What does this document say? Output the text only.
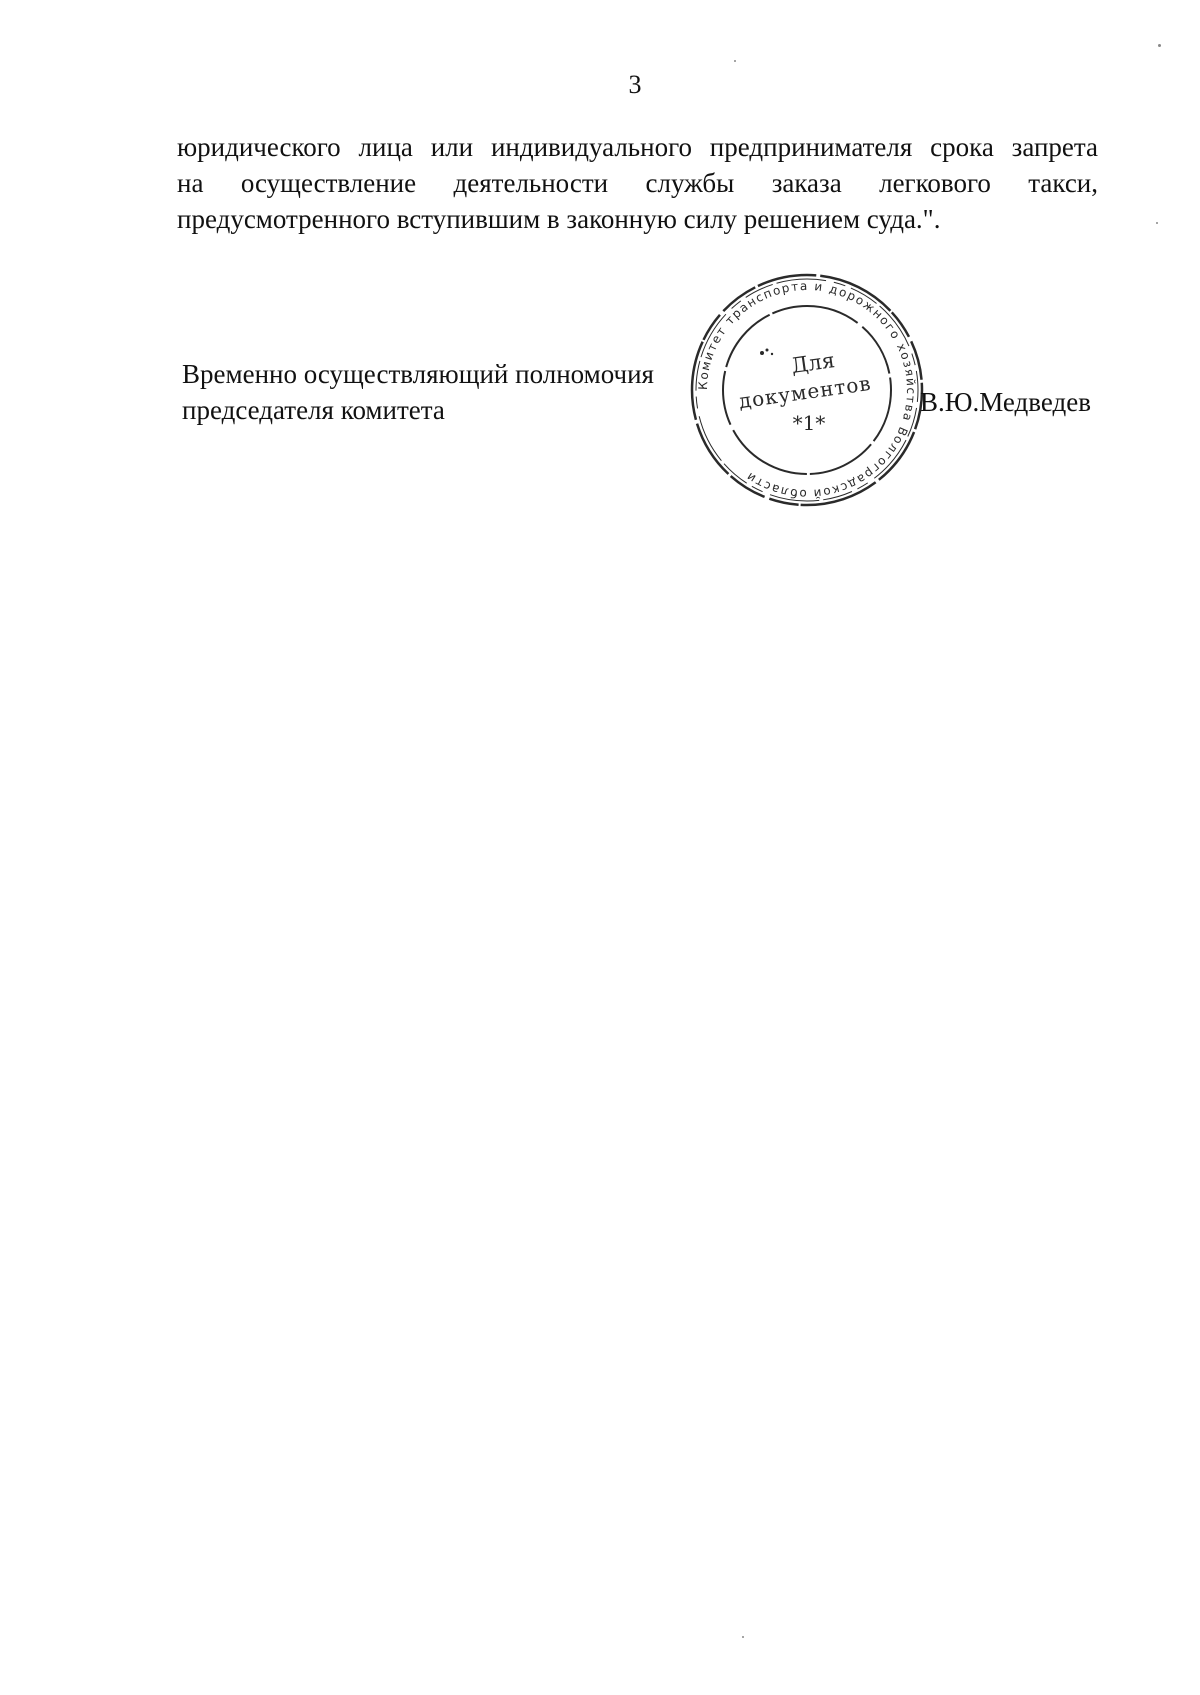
3
юридического лица или индивидуального предпринимателя срока запрета
на осуществление деятельности службы заказа легкового такси,
предусмотренного вступившим в законную силу решением суда.".
Временно осуществляющий полномочия
председателя комитета
Комитет транспорта и дорожного хозяйства Волгоградской области
Для
документов
*1*
В.Ю.Медведев
